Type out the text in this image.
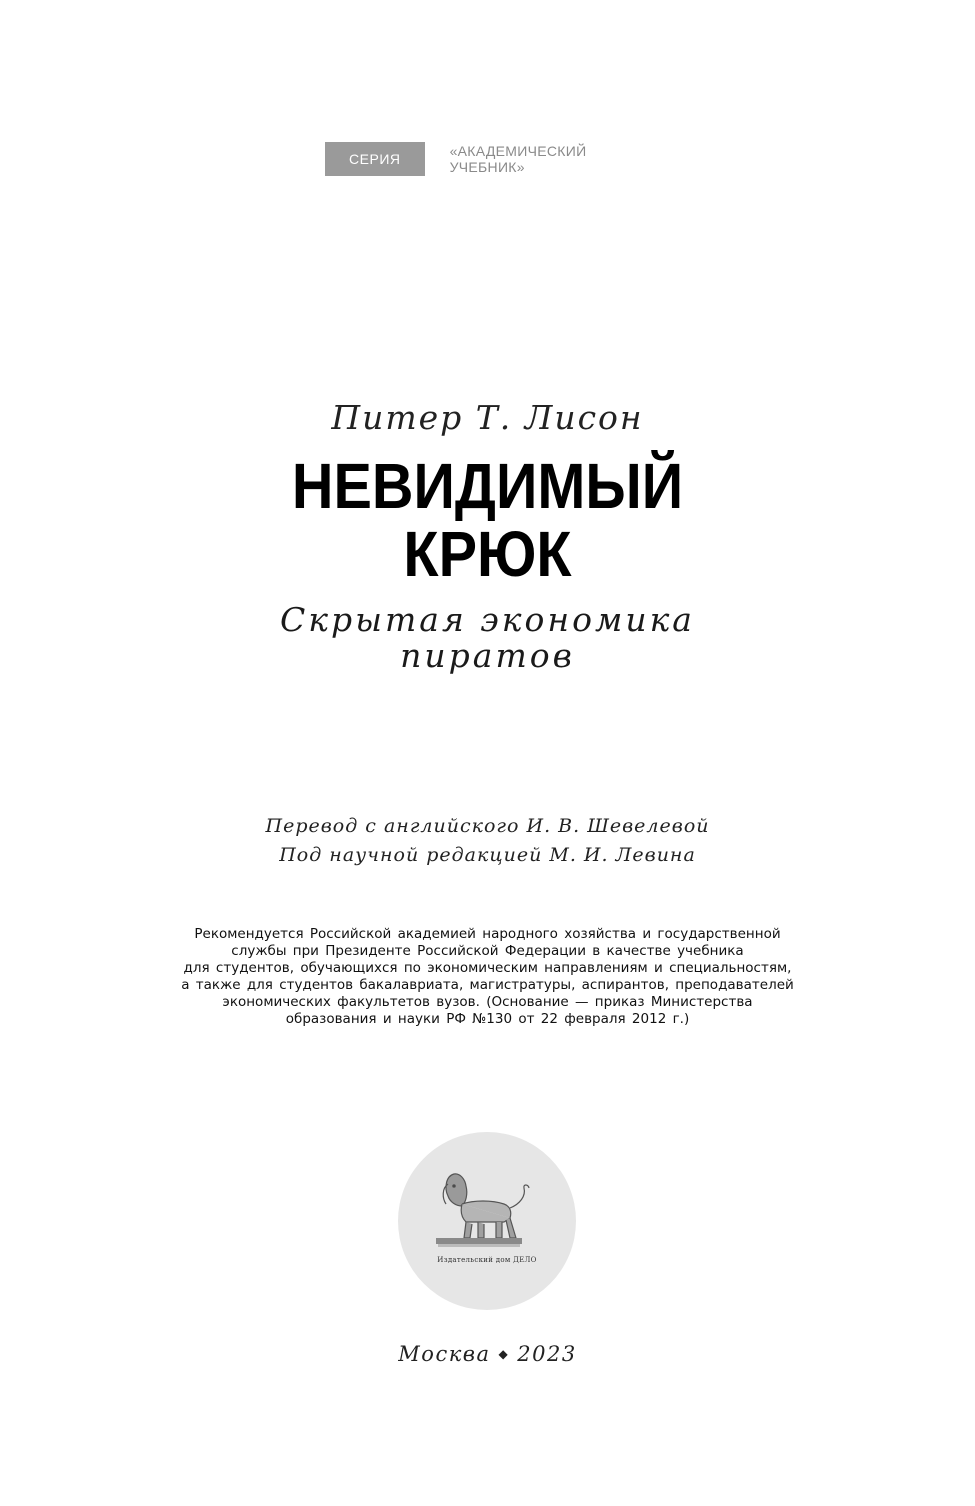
СЕРИЯ	«АКАДЕМИЧЕСКИЙ УЧЕБНИК»
Питер Т. Лисон
НЕВИДИМЫЙ
КРЮК
Скрытая экономика
пиратов
Перевод с английского И. В. Шевелевой
Под научной редакцией М. И. Левина
Рекомендуется Российской академией народного хозяйства и государственной
службы при Президенте Российской Федерации в качестве учебника
для студентов, обучающихся по экономическим направлениям и специальностям,
а также для студентов бакалавриата, магистратуры, аспирантов, преподавателей
экономических факультетов вузов. (Основание — приказ Министерства
образования и науки РФ №130 от 22 февраля 2012 г.)
Издательский дом ДЕЛО
Москва ◆ 2023
